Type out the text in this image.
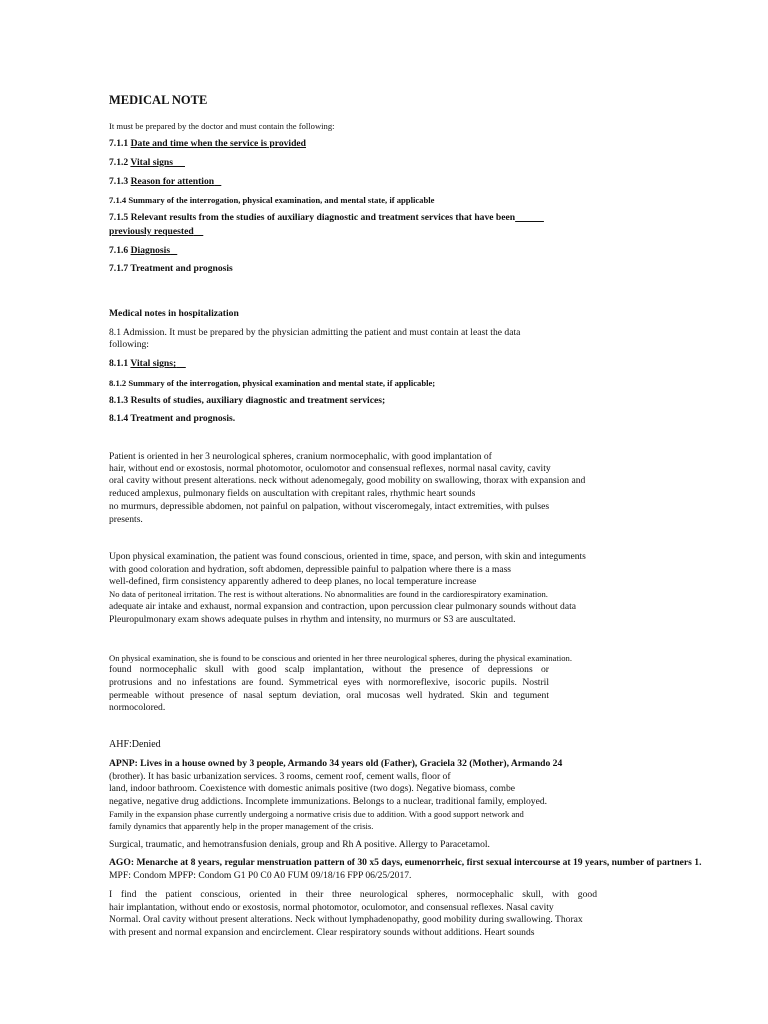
MEDICAL NOTE
It must be prepared by the doctor and must contain the following:
7.1.1 Date and time when the service is provided
7.1.2 Vital signs
7.1.3 Reason for attention
7.1.4 Summary of the interrogation, physical examination, and mental state, if applicable
7.1.5 Relevant results from the studies of auxiliary diagnostic and treatment services that have been
previously requested
7.1.6 Diagnosis
7.1.7 Treatment and prognosis
Medical notes in hospitalization
8.1 Admission. It must be prepared by the physician admitting the patient and must contain at least the data
following:
8.1.1 Vital signs;
8.1.2 Summary of the interrogation, physical examination and mental state, if applicable;
8.1.3 Results of studies, auxiliary diagnostic and treatment services;
8.1.4 Treatment and prognosis.
Patient is oriented in her 3 neurological spheres, cranium normocephalic, with good implantation of
hair, without end or exostosis, normal photomotor, oculomotor and consensual reflexes, normal nasal cavity, cavity
oral cavity without present alterations. neck without adenomegaly, good mobility on swallowing, thorax with expansion and
reduced amplexus, pulmonary fields on auscultation with crepitant rales, rhythmic heart sounds
no murmurs, depressible abdomen, not painful on palpation, without visceromegaly, intact extremities, with pulses
presents.
Upon physical examination, the patient was found conscious, oriented in time, space, and person, with skin and integuments
with good coloration and hydration, soft abdomen, depressible painful to palpation where there is a mass
well-defined, firm consistency apparently adhered to deep planes, no local temperature increase
No data of peritoneal irritation. The rest is without alterations. No abnormalities are found in the cardiorespiratory examination.
adequate air intake and exhaust, normal expansion and contraction, upon percussion clear pulmonary sounds without data
Pleuropulmonary exam shows adequate pulses in rhythm and intensity, no murmurs or S3 are auscultated.
On physical examination, she is found to be conscious and oriented in her three neurological spheres, during the physical examination.
found normocephalic skull with good scalp implantation, without the presence of depressions or
protrusions and no infestations are found. Symmetrical eyes with normoreflexive, isocoric pupils. Nostril
permeable without presence of nasal septum deviation, oral mucosas well hydrated. Skin and tegument
normocolored.
AHF:Denied
APNP: Lives in a house owned by 3 people, Armando 34 years old (Father), Graciela 32 (Mother), Armando 24
(brother). It has basic urbanization services. 3 rooms, cement roof, cement walls, floor of
land, indoor bathroom. Coexistence with domestic animals positive (two dogs). Negative biomass, combe
negative, negative drug addictions. Incomplete immunizations. Belongs to a nuclear, traditional family, employed.
Family in the expansion phase currently undergoing a normative crisis due to addition. With a good support network and
family dynamics that apparently help in the proper management of the crisis.
Surgical, traumatic, and hemotransfusion denials, group and Rh A positive. Allergy to Paracetamol.
AGO: Menarche at 8 years, regular menstruation pattern of 30 x5 days, eumenorrheic, first sexual intercourse at 19 years, number of partners 1.
MPF: Condom MPFP: Condom G1 P0 C0 A0 FUM 09/18/16 FPP 06/25/2017.
I find the patient conscious, oriented in their three neurological spheres, normocephalic skull, with good
hair implantation, without endo or exostosis, normal photomotor, oculomotor, and consensual reflexes. Nasal cavity
Normal. Oral cavity without present alterations. Neck without lymphadenopathy, good mobility during swallowing. Thorax
with present and normal expansion and encirclement. Clear respiratory sounds without additions. Heart sounds
